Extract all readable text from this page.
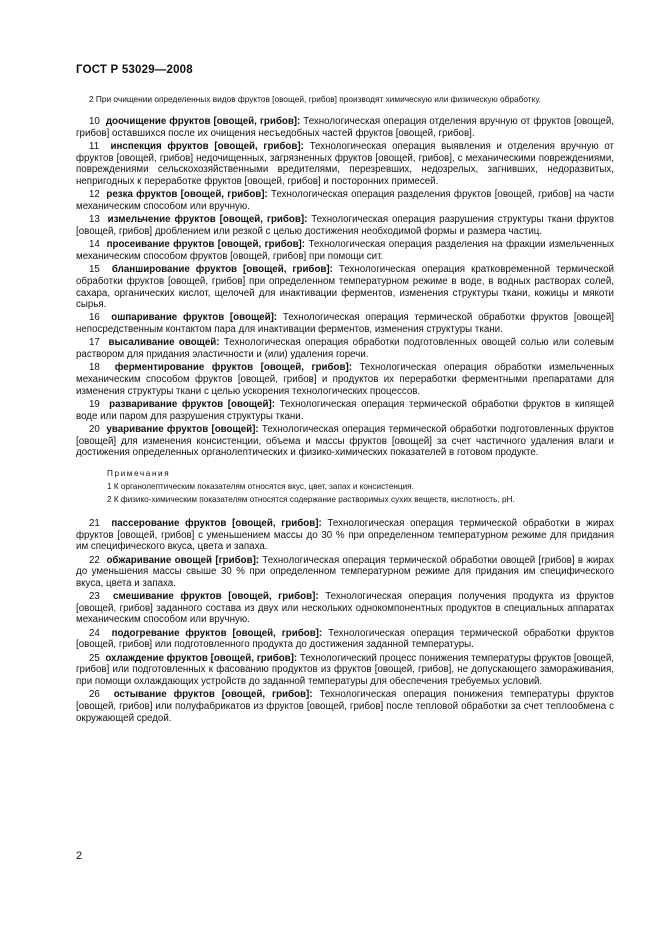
ГОСТ Р 53029—2008
2 При очищении определенных видов фруктов [овощей, грибов] производят химическую или физическую обработку.

10 доочищение фруктов [овощей, грибов]: Технологическая операция отделения вручную от фруктов [овощей, грибов] оставшихся после их очищения несъедобных частей фруктов [овощей, грибов].

11 инспекция фруктов [овощей, грибов]: Технологическая операция выявления и отделения вручную от фруктов [овощей, грибов] недочищенных, загрязненных фруктов [овощей, грибов], с механическими повреждениями, повреждениями сельскохозяйственными вредителями, перезревших, недозрелых, загнивших, недоразвитых, непригодных к переработке фруктов [овощей, грибов] и посторонних примесей.

12 резка фруктов [овощей, грибов]: Технологическая операция разделения фруктов [овощей, грибов] на части механическим способом или вручную.

13 измельчение фруктов [овощей, грибов]: Технологическая операция разрушения структуры ткани фруктов [овощей, грибов] дроблением или резкой с целью достижения необходимой формы и размера частиц.

14 просеивание фруктов [овощей, грибов]: Технологическая операция разделения на фракции измельченных механическим способом фруктов [овощей, грибов] при помощи сит.

15 бланширование фруктов [овощей, грибов]: Технологическая операция кратковременной термической обработки фруктов [овощей, грибов] при определенном температурном режиме в воде, в водных растворах солей, сахара, органических кислот, щелочей для инактивации ферментов, изменения структуры ткани, кожицы и мякоти сырья.

16 ошпаривание фруктов [овощей]: Технологическая операция термической обработки фруктов [овощей] непосредственным контактом пара для инактивации ферментов, изменения структуры ткани.

17 высаливание овощей: Технологическая операция обработки подготовленных овощей солью или солевым раствором для придания эластичности и (или) удаления горечи.

18 ферментирование фруктов [овощей, грибов]: Технологическая операция обработки измельченных механическим способом фруктов [овощей, грибов] и продуктов их переработки ферментными препаратами для изменения структуры ткани с целью ускорения технологических процессов.

19 разваривание фруктов [овощей]: Технологическая операция термической обработки фруктов в кипящей воде или паром для разрушения структуры ткани.

20 уваривание фруктов [овощей]: Технологическая операция термической обработки подготовленных фруктов [овощей] для изменения консистенции, объема и массы фруктов [овощей] за счет частичного удаления влаги и достижения определенных органолептических и физико-химических показателей в готовом продукте.

Примечания
1 К органолептическим показателям относятся вкус, цвет, запах и консистенция.
2 К физико-химическим показателям относятся содержание растворимых сухих веществ, кислотность, рН.

21 пассерование фруктов [овощей, грибов]: Технологическая операция термической обработки в жирах фруктов [овощей, грибов] с уменьшением массы до 30 % при определенном температурном режиме для придания им специфического вкуса, цвета и запаха.

22 обжаривание овощей [грибов]: Технологическая операция термической обработки овощей [грибов] в жирах до уменьшения массы свыше 30 % при определенном температурном режиме для придания им специфического вкуса, цвета и запаха.

23 смешивание фруктов [овощей, грибов]: Технологическая операция получения продукта из фруктов [овощей, грибов] заданного состава из двух или нескольких однокомпонентных продуктов в специальных аппаратах механическим способом или вручную.

24 подогревание фруктов [овощей, грибов]: Технологическая операция термической обработки фруктов [овощей, грибов] или подготовленного продукта до достижения заданной температуры.

25 охлаждение фруктов [овощей, грибов]: Технологический процесс понижения температуры фруктов [овощей, грибов] или подготовленных к фасованию продуктов из фруктов [овощей, грибов], не допускающего замораживания, при помощи охлаждающих устройств до заданной температуры для обеспечения требуемых условий.

26 остывание фруктов [овощей, грибов]: Технологическая операция понижения температуры фруктов [овощей, грибов] или полуфабрикатов из фруктов [овощей, грибов] после тепловой обработки за счет теплообмена с окружающей средой.

2
